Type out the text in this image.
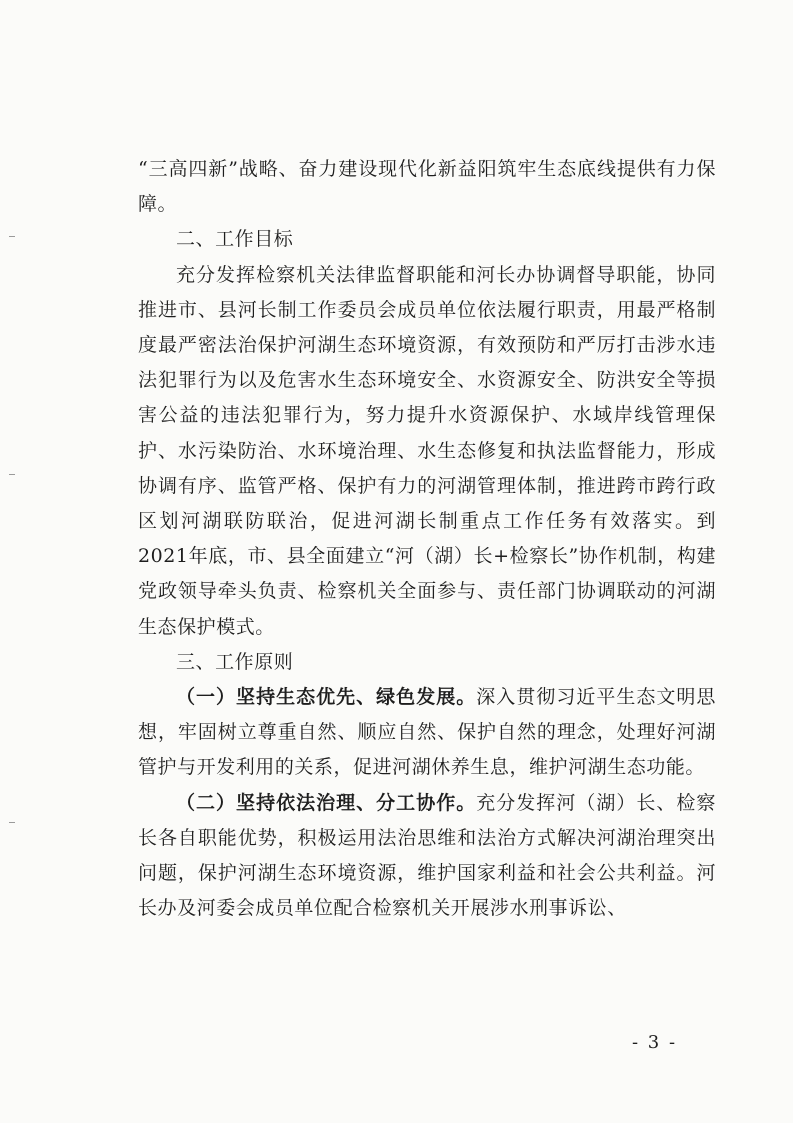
“三高四新”战略、奋力建设现代化新益阳筑牢生态底线提供有力保障。

二、工作目标

充分发挥检察机关法律监督职能和河长办协调督导职能，协同推进市、县河长制工作委员会成员单位依法履行职责，用最严格制度最严密法治保护河湖生态环境资源，有效预防和严厉打击涉水违法犯罪行为以及危害水生态环境安全、水资源安全、防洪安全等损害公益的违法犯罪行为，努力提升水资源保护、水域岸线管理保护、水污染防治、水环境治理、水生态修复和执法监督能力，形成协调有序、监管严格、保护有力的河湖管理体制，推进跨市跨行政区划河湖联防联治，促进河湖长制重点工作任务有效落实。到2021年底，市、县全面建立“河（湖）长+检察长”协作机制，构建党政领导牵头负责、检察机关全面参与、责任部门协调联动的河湖生态保护模式。

三、工作原则

（一）坚持生态优先、绿色发展。深入贯彻习近平生态文明思想，牢固树立尊重自然、顺应自然、保护自然的理念，处理好河湖管护与开发利用的关系，促进河湖休养生息，维护河湖生态功能。

（二）坚持依法治理、分工协作。充分发挥河（湖）长、检察长各自职能优势，积极运用法治思维和法治方式解决河湖治理突出问题，保护河湖生态环境资源，维护国家利益和社会公共利益。河长办及河委会成员单位配合检察机关开展涉水刑事诉讼、

- 3 -
